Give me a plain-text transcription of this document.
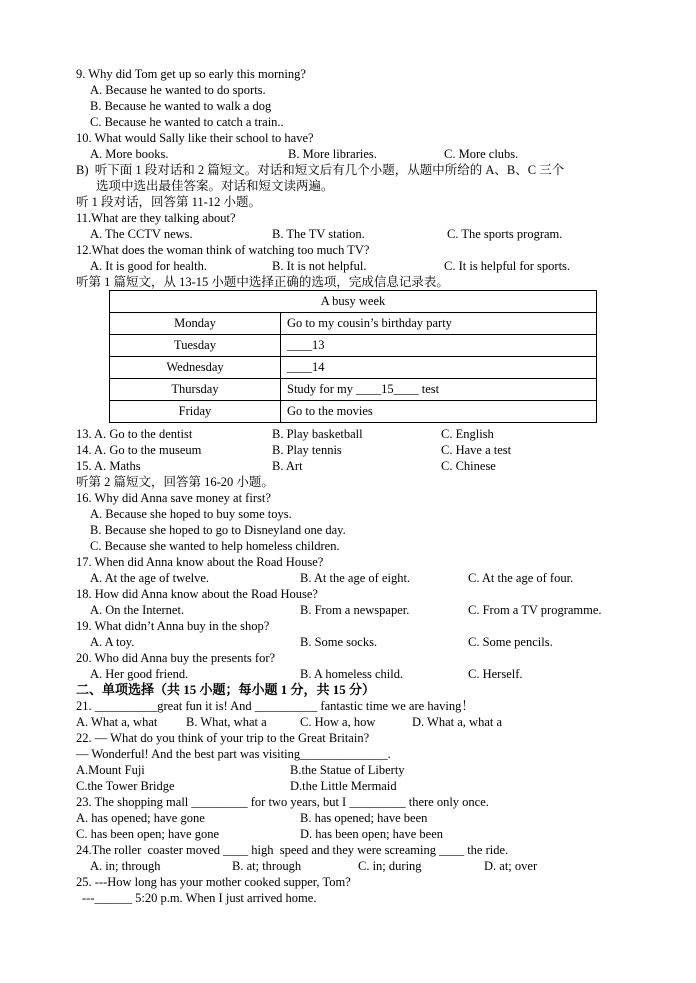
9. Why did Tom get up so early this morning?
A. Because he wanted to do sports.
B. Because he wanted to walk a dog
C. Because he wanted to catch a train..
10. What would Sally like their school to have?
A. More books.	B. More libraries.	C. More clubs.
B)  听下面 1 段对话和 2 篇短文。对话和短文后有几个小题，从题中所给的 A、B、C 三个
选项中选出最佳答案。对话和短文读两遍。
听 1 段对话，回答第 11-12 小题。
11.What are they talking about?
A. The CCTV news.	B. The TV station.	C. The sports program.
12.What does the woman think of watching too much TV?
A. It is good for health.	B. It is not helpful.	C. It is helpful for sports.
听第 1 篇短文，从 13-15 小题中选择正确的选项，完成信息记录表。
A busy week	
Monday	Go to my cousin’s birthday party
Tuesday	____13
Wednesday	____14
Thursday	Study for my ____15____ test
Friday	Go to the movies
13. A. Go to the dentist	B. Play basketball	C. English
14. A. Go to the museum	B. Play tennis	C. Have a test
15. A. Maths	B. Art	C. Chinese
听第 2 篇短文，回答第 16-20 小题。
16. Why did Anna save money at first?
A. Because she hoped to buy some toys.
B. Because she hoped to go to Disneyland one day.
C. Because she wanted to help homeless children.
17. When did Anna know about the Road House?
A. At the age of twelve.	B. At the age of eight.	C. At the age of four.
18. How did Anna know about the Road House?
A. On the Internet.	B. From a newspaper.	C. From a TV programme.
19. What didn’t Anna buy in the shop?
A. A toy.	B. Some socks.	C. Some pencils.
20. Who did Anna buy the presents for?
A. Her good friend.	B. A homeless child.	C. Herself.
二、单项选择（共 15 小题；每小题 1 分，共 15 分）
21. __________great fun it is! And __________ fantastic time we are having！
A. What a, what B. What, what a	C. How a, how	D. What a, what a
22. — What do you think of your trip to the Great Britain?
— Wonderful! And the best part was visiting______________.
A.Mount Fuji	B.the Statue of Liberty
C.the Tower Bridge	D.the Little Mermaid
23. The shopping mall _________ for two years, but I _________ there only once.
A. has opened; have gone	B. has opened; have been
C. has been open; have gone	D. has been open; have been
24.The roller  coaster moved ____ high  speed and they were screaming ____ the ride.
A. in; through	B. at; through	C. in; during	D. at; over
25. ---How long has your mother cooked supper, Tom?
---______ 5:20 p.m. When I just arrived home.
